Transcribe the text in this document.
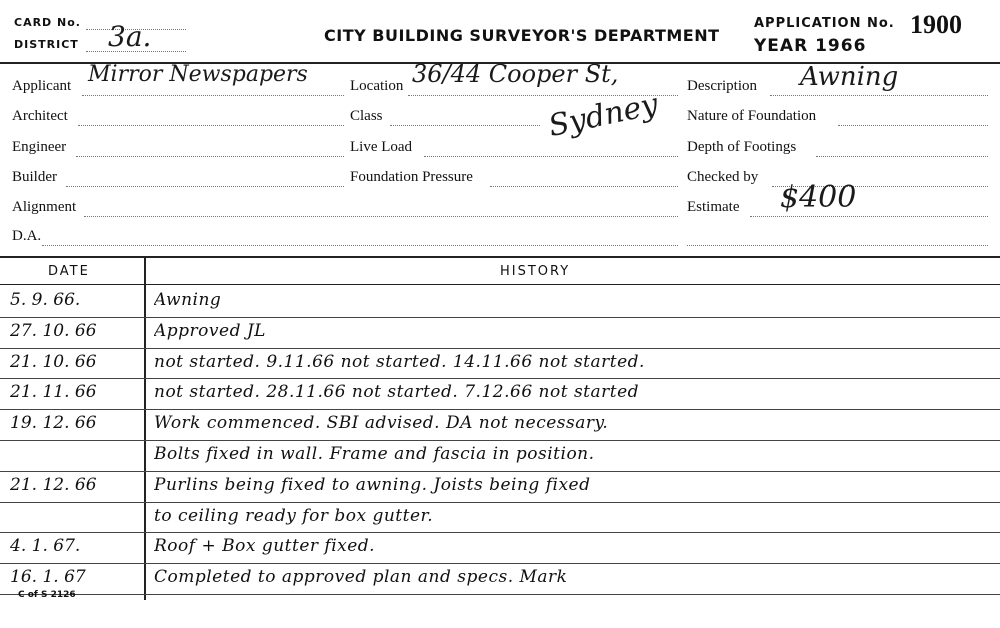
CARD No.
DISTRICT 3a.	CITY BUILDING SURVEYOR'S DEPARTMENT
APPLICATION No. 1900
YEAR 1966
Applicant Mirror Newspapers	Location 36/44 Cooper St,
Sydney
Description Awning
Architect	Class	Nature of Foundation
Engineer	Live Load	Depth of Footings
Builder	Foundation Pressure	Checked by
Alignment	Estimate $400
D.A.
DATE	HISTORY
5. 9. 66.	Awning
27. 10. 66	Approved JL
21. 10. 66	not started. 9.11.66 not started. 14.11.66 not started.
21. 11. 66	not started. 28.11.66 not started. 7.12.66 not started
19. 12. 66	Work commenced. SBI advised. DA not necessary.
Bolts fixed in wall. Frame and fascia in position.
21. 12. 66	Purlins being fixed to awning. Joists being fixed
to ceiling ready for box gutter.
4. 1. 67.	Roof + Box gutter fixed.
16. 1. 67	Completed to approved plan and specs. Mark
C of S 2126
